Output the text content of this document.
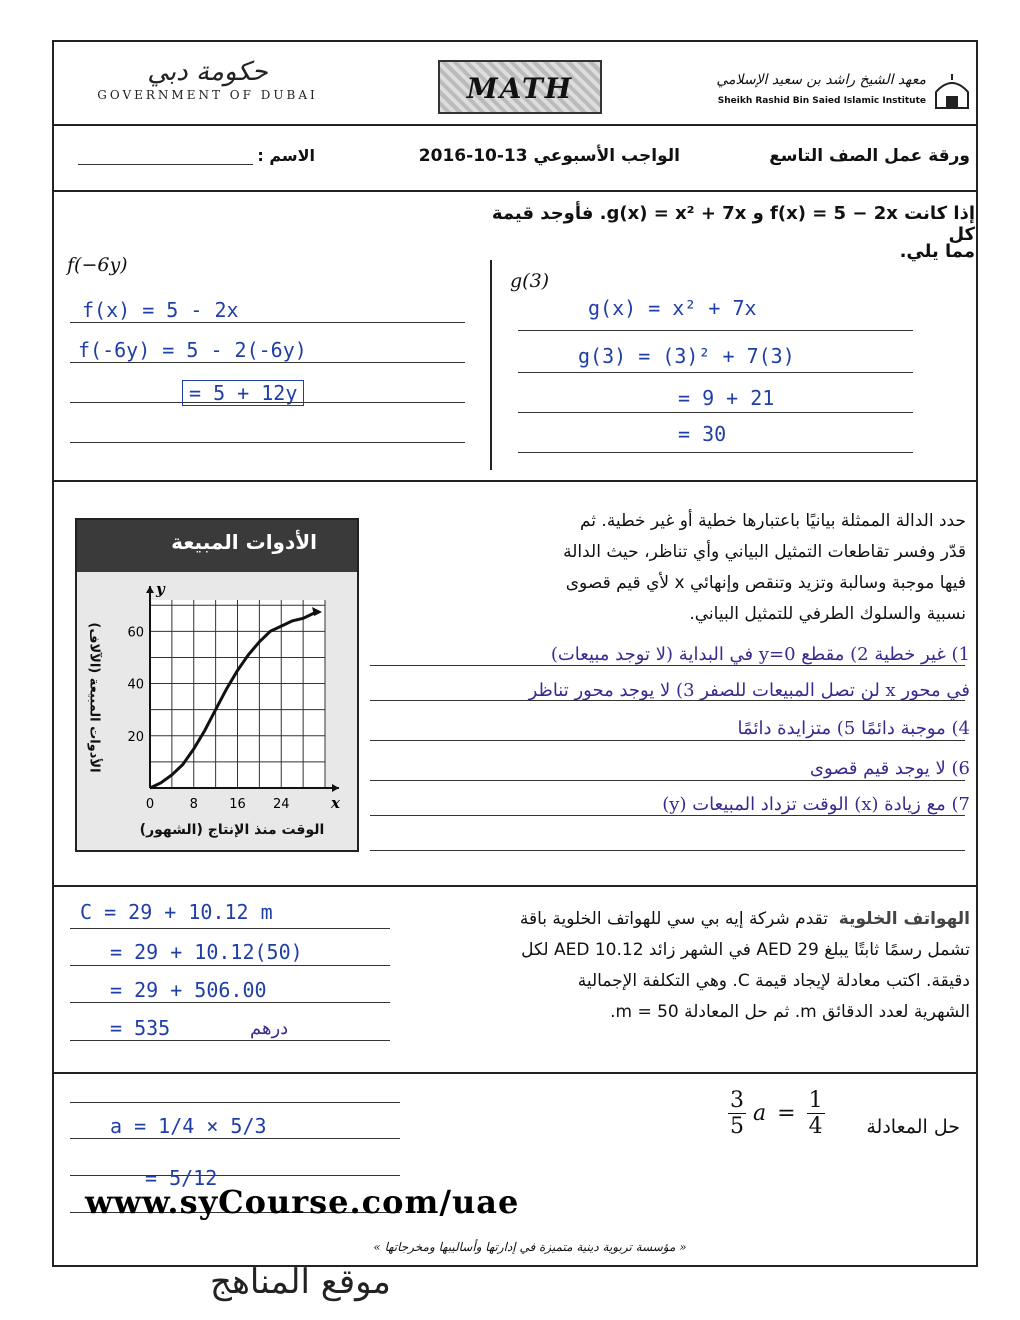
حكومة دبي
GOVERNMENT OF DUBAI	MATH	معهد الشيخ راشد بن سعيد الإسلامي
Sheikh Rashid Bin Saied Islamic Institute
ورقة عمل الصف التاسع
الواجب الأسبوعي 13-10-2016
الاسم :
إذا كانت f(x) = 5 − 2x و g(x) = x² + 7x. فأوجد قيمة كل
مما يلي.
f(−6y)
g(3)
f(x) = 5 - 2x
f(-6y) = 5 - 2(-6y)
= 5 + 12y
g(x) = x² + 7x
g(3) = (3)² + 7(3)
= 9 + 21
= 30
الأدوات المبيعة
0	8 16 24
20
40
60
x
y
الأدوات المبيعة (الآلاف)
الوقت منذ الإنتاج (الشهور)
حدد الدالة الممثلة بيانيًا باعتبارها خطية أو غير خطية. ثم
قدّر وفسر تقاطعات التمثيل البياني وأي تناظر، حيث الدالة
فيها موجبة وسالبة وتزيد وتنقص وإنهائي x لأي قيم قصوى
نسبية والسلوك الطرفي للتمثيل البياني.
1) غير خطية 2) مقطع y=0 في البداية (لا توجد مبيعات)
في محور x لن تصل المبيعات للصفر 3) لا يوجد محور تناظر
4) موجبة دائمًا 5) متزايدة دائمًا
6) لا يوجد قيم قصوى
7) مع زيادة (x) الوقت تزداد المبيعات (y)
الهواتف الخلوية  تقدم شركة إيه بي سي للهواتف الخلوية باقة
تشمل رسمًا ثابتًا يبلغ 29 AED في الشهر زائد 10.12 AED لكل
دقيقة. اكتب معادلة لإيجاد قيمة C. وهي التكلفة الإجمالية
الشهرية لعدد الدقائق m. ثم حل المعادلة m = 50.
C = 29 + 10.12 m
= 29 + 10.12(50)
= 29 + 506.00
= 535	درهم
$\frac{3}{5}$ $a = \frac{1}{4}$	حل المعادلة
a = 1/4 × 5/3
= 5/12
www.syCourse.com/uae
« مؤسسة تربوية دينية متميزة في إدارتها وأساليبها ومخرجاتها »
موقع المناهج
